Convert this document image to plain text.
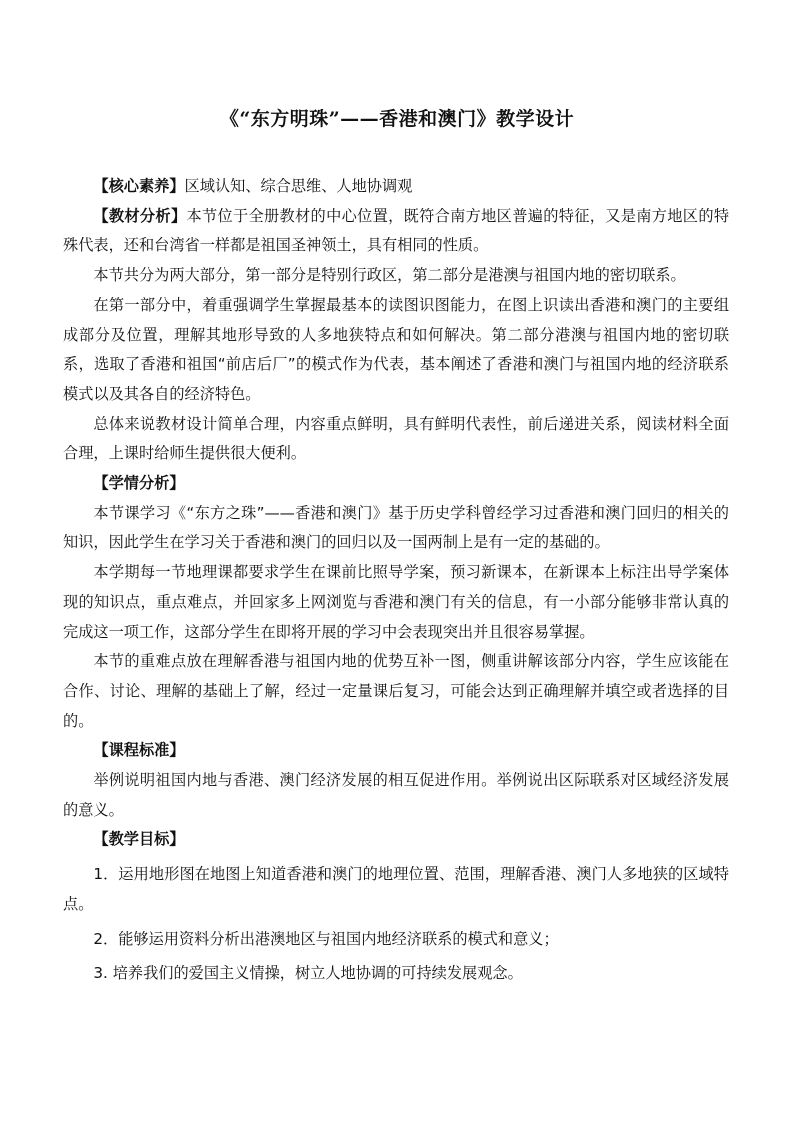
《“东方明珠”——香港和澳门》教学设计

【核心素养】区域认知、综合思维、人地协调观

【教材分析】本节位于全册教材的中心位置，既符合南方地区普遍的特征，又是南方地区的特殊代表，还和台湾省一样都是祖国圣神领土，具有相同的性质。

本节共分为两大部分，第一部分是特别行政区，第二部分是港澳与祖国内地的密切联系。

在第一部分中，着重强调学生掌握最基本的读图识图能力，在图上识读出香港和澳门的主要组成部分及位置，理解其地形导致的人多地狭特点和如何解决。第二部分港澳与祖国内地的密切联系，选取了香港和祖国“前店后厂”的模式作为代表，基本阐述了香港和澳门与祖国内地的经济联系模式以及其各自的经济特色。

总体来说教材设计简单合理，内容重点鲜明，具有鲜明代表性，前后递进关系，阅读材料全面合理，上课时给师生提供很大便利。

【学情分析】

本节课学习《“东方之珠”——香港和澳门》基于历史学科曾经学习过香港和澳门回归的相关的知识，因此学生在学习关于香港和澳门的回归以及一国两制上是有一定的基础的。

本学期每一节地理课都要求学生在课前比照导学案，预习新课本，在新课本上标注出导学案体现的知识点，重点难点，并回家多上网浏览与香港和澳门有关的信息，有一小部分能够非常认真的完成这一项工作，这部分学生在即将开展的学习中会表现突出并且很容易掌握。

本节的重难点放在理解香港与祖国内地的优势互补一图，侧重讲解该部分内容，学生应该能在合作、讨论、理解的基础上了解，经过一定量课后复习，可能会达到正确理解并填空或者选择的目的。

【课程标准】

举例说明祖国内地与香港、澳门经济发展的相互促进作用。举例说出区际联系对区域经济发展的意义。

【教学目标】

1．运用地形图在地图上知道香港和澳门的地理位置、范围，理解香港、澳门人多地狭的区域特点。

2．能够运用资料分析出港澳地区与祖国内地经济联系的模式和意义；

3. 培养我们的爱国主义情操，树立人地协调的可持续发展观念。
